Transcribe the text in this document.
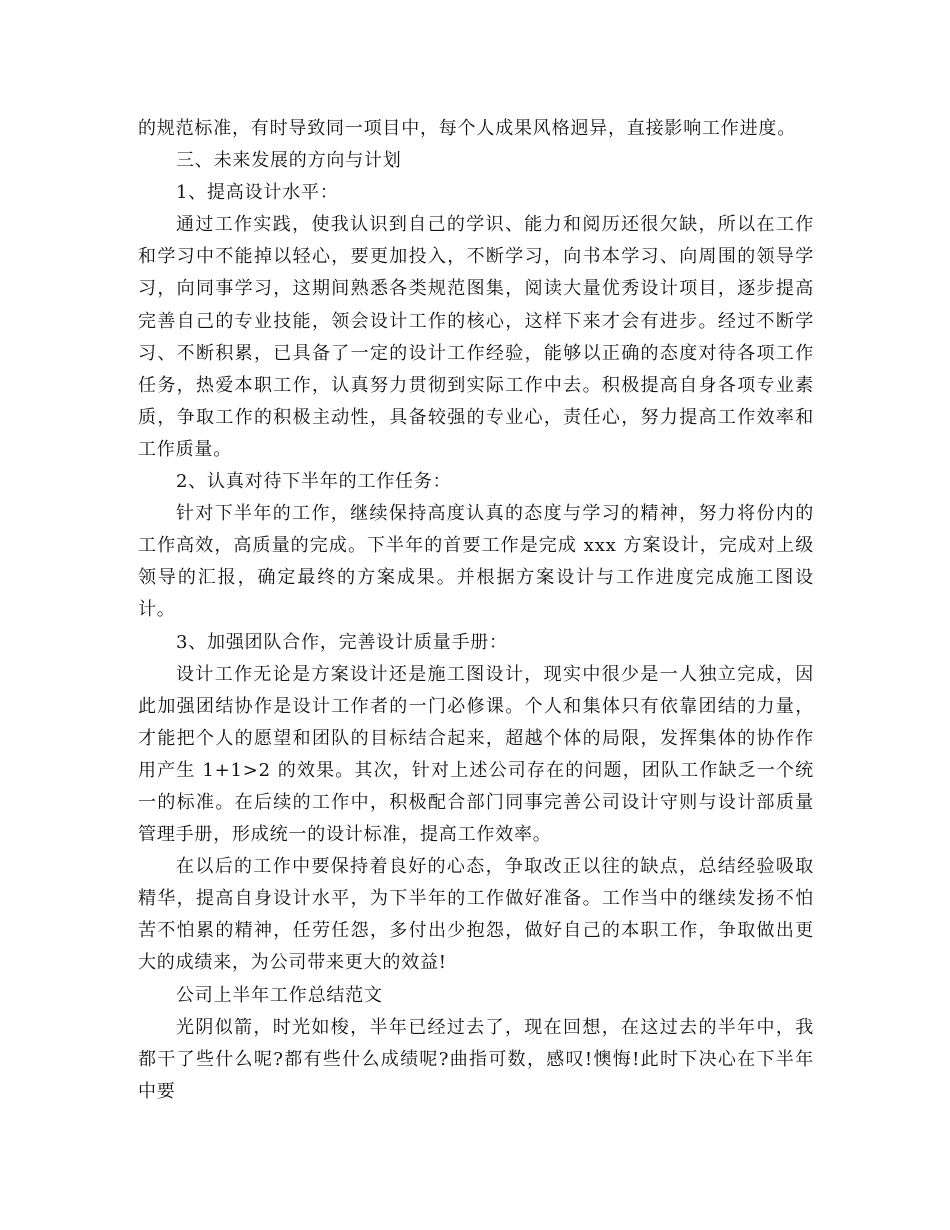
的规范标准，有时导致同一项目中，每个人成果风格迥异，直接影响工作进度。

三、未来发展的方向与计划

1、提高设计水平：

通过工作实践，使我认识到自己的学识、能力和阅历还很欠缺，所以在工作和学习中不能掉以轻心，要更加投入，不断学习，向书本学习、向周围的领导学习，向同事学习，这期间熟悉各类规范图集，阅读大量优秀设计项目，逐步提高完善自己的专业技能，领会设计工作的核心，这样下来才会有进步。经过不断学习、不断积累，已具备了一定的设计工作经验，能够以正确的态度对待各项工作任务，热爱本职工作，认真努力贯彻到实际工作中去。积极提高自身各项专业素质，争取工作的积极主动性，具备较强的专业心，责任心，努力提高工作效率和工作质量。

2、认真对待下半年的工作任务：

针对下半年的工作，继续保持高度认真的态度与学习的精神，努力将份内的工作高效，高质量的完成。下半年的首要工作是完成 xxx 方案设计，完成对上级领导的汇报，确定最终的方案成果。并根据方案设计与工作进度完成施工图设计。

3、加强团队合作，完善设计质量手册：

设计工作无论是方案设计还是施工图设计，现实中很少是一人独立完成，因此加强团结协作是设计工作者的一门必修课。个人和集体只有依靠团结的力量，才能把个人的愿望和团队的目标结合起来，超越个体的局限，发挥集体的协作作用产生 1+1>2 的效果。其次，针对上述公司存在的问题，团队工作缺乏一个统一的标准。在后续的工作中，积极配合部门同事完善公司设计守则与设计部质量管理手册，形成统一的设计标准，提高工作效率。

在以后的工作中要保持着良好的心态，争取改正以往的缺点，总结经验吸取精华，提高自身设计水平，为下半年的工作做好准备。工作当中的继续发扬不怕苦不怕累的精神，任劳任怨，多付出少抱怨，做好自己的本职工作，争取做出更大的成绩来，为公司带来更大的效益!

公司上半年工作总结范文

光阴似箭，时光如梭，半年已经过去了，现在回想，在这过去的半年中，我都干了些什么呢?都有些什么成绩呢?曲指可数，感叹!懊悔!此时下决心在下半年中要
